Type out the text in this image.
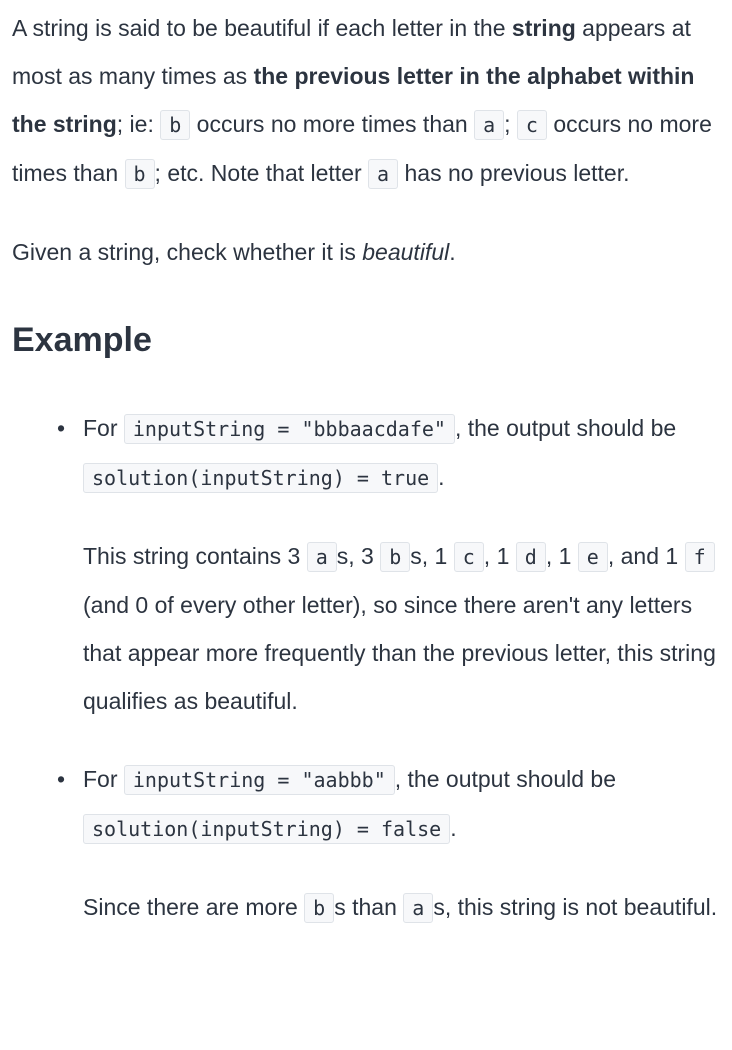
A string is said to be beautiful if each letter in the string appears at most as many times as the previous letter in the alphabet within the string; ie: b occurs no more times than a ; c occurs no more times than b ; etc. Note that letter a has no previous letter.

Given a string, check whether it is beautiful.

Example
• For inputString = "bbbaacdafe" , the output should be solution(inputString) = true .

This string contains 3 a s, 3 b s, 1 c , 1 d , 1 e , and 1 f (and 0 of every other letter), so since there aren't any letters that appear more frequently than the previous letter, this string qualifies as beautiful.

• For inputString = "aabbb" , the output should be solution(inputString) = false .

Since there are more b s than a s, this string is not beautiful.
